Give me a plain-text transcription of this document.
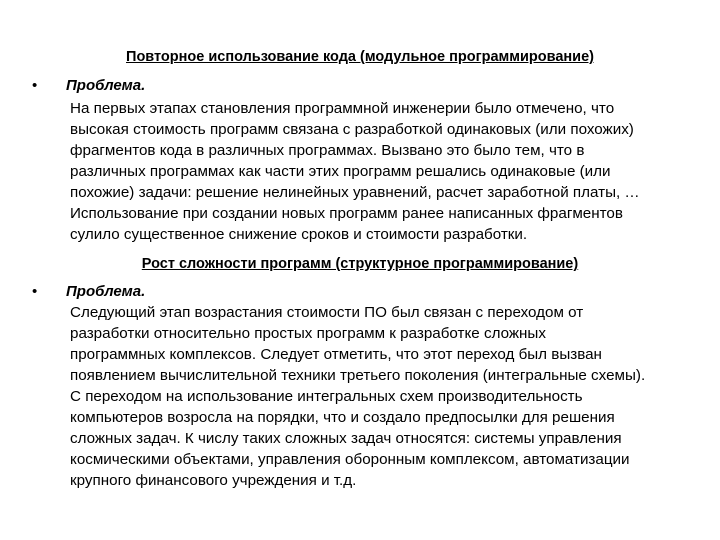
Повторное использование кода (модульное программирование)
• Проблема.
На первых этапах становления программной инженерии было отмечено, что
высокая стоимость программ связана с разработкой одинаковых (или похожих)
фрагментов кода в различных программах. Вызвано это было тем, что в
различных программах как части этих программ решались одинаковые (или
похожие) задачи: решение нелинейных уравнений, расчет заработной платы, …
Использование при создании новых программ ранее написанных фрагментов
сулило существенное снижение сроков и стоимости разработки.
Рост сложности программ (структурное программирование)
• Проблема.
Следующий этап возрастания стоимости ПО был связан с переходом от
разработки относительно простых программ к разработке сложных
программных комплексов. Следует отметить, что этот переход был вызван
появлением вычислительной техники третьего поколения (интегральные схемы).
С переходом на использование интегральных схем производительность
компьютеров возросла на порядки, что и создало предпосылки для решения
сложных задач. К числу таких сложных задач относятся: системы управления
космическими объектами, управления оборонным комплексом, автоматизации
крупного финансового учреждения и т.д.
